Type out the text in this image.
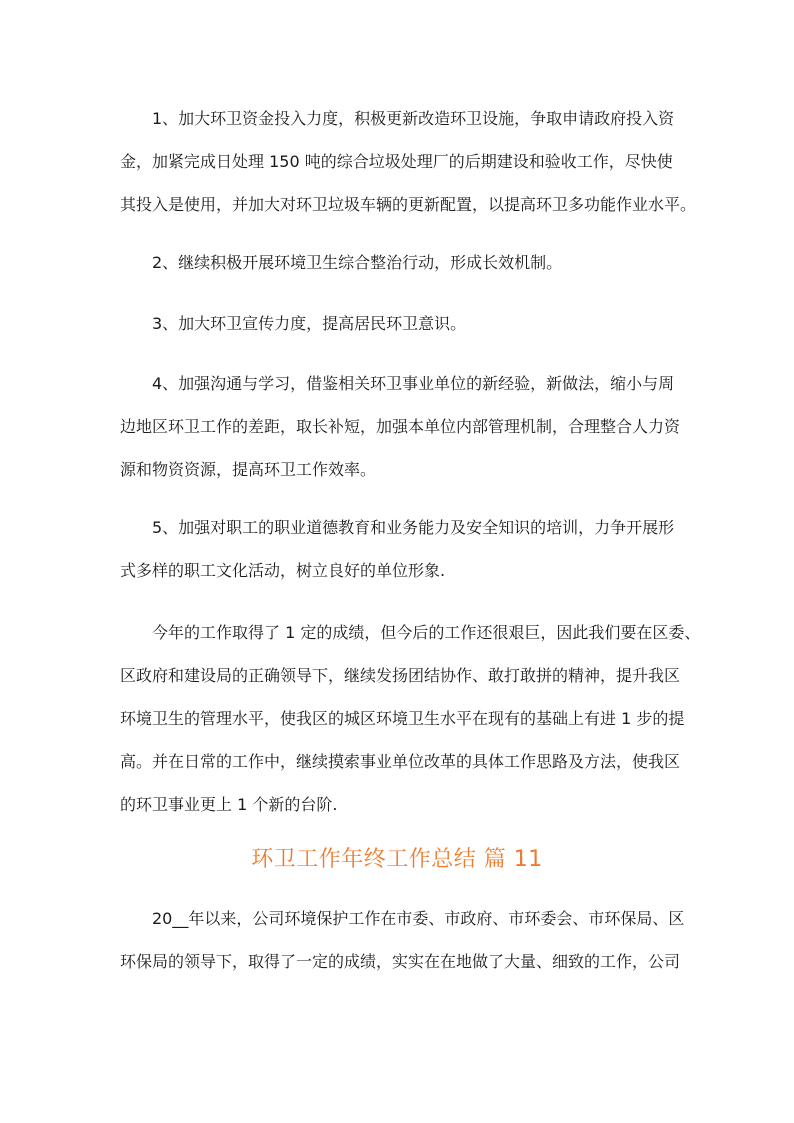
1、加大环卫资金投入力度，积极更新改造环卫设施，争取申请政府投入资
金，加紧完成日处理 150 吨的综合垃圾处理厂的后期建设和验收工作，尽快使
其投入是使用，并加大对环卫垃圾车辆的更新配置，以提高环卫多功能作业水平。
2、继续积极开展环境卫生综合整治行动，形成长效机制。
3、加大环卫宣传力度，提高居民环卫意识。
4、加强沟通与学习，借鉴相关环卫事业单位的新经验，新做法，缩小与周
边地区环卫工作的差距，取长补短，加强本单位内部管理机制，合理整合人力资
源和物资资源，提高环卫工作效率。
5、加强对职工的职业道德教育和业务能力及安全知识的培训，力争开展形
式多样的职工文化活动，树立良好的单位形象.
今年的工作取得了 1 定的成绩，但今后的工作还很艰巨，因此我们要在区委、
区政府和建设局的正确领导下，继续发扬团结协作、敢打敢拼的精神，提升我区
环境卫生的管理水平，使我区的城区环境卫生水平在现有的基础上有进 1 步的提
高。并在日常的工作中，继续摸索事业单位改革的具体工作思路及方法，使我区
的环卫事业更上 1 个新的台阶.
环卫工作年终工作总结 篇 11
20__年以来，公司环境保护工作在市委、市政府、市环委会、市环保局、区
环保局的领导下，取得了一定的成绩，实实在在地做了大量、细致的工作，公司
